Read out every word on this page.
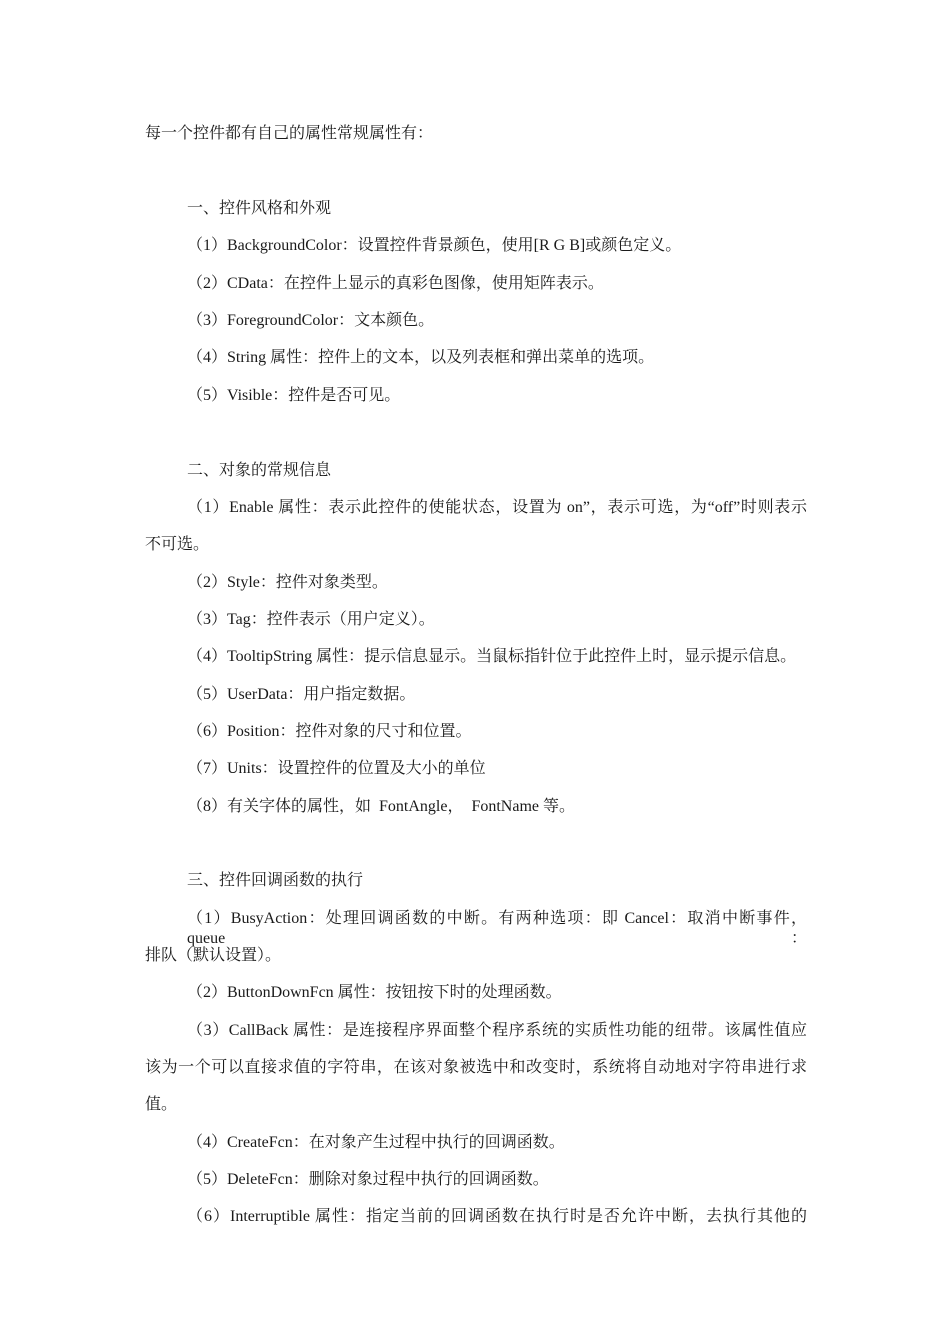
每一个控件都有自己的属性常规属性有：
一、控件风格和外观
（1）BackgroundColor：设置控件背景颜色，使用[R G B]或颜色定义。
（2）CData：在控件上显示的真彩色图像，使用矩阵表示。
（3）ForegroundColor：文本颜色。
（4）String 属性：控件上的文本，以及列表框和弹出菜单的选项。
（5）Visible：控件是否可见。
二、对象的常规信息
（1）Enable 属性：表示此控件的使能状态，设置为 on”，表示可选，为“off”时则表示
不可选。
（2）Style：控件对象类型。
（3）Tag：控件表示（用户定义）。
（4）TooltipString 属性：提示信息显示。当鼠标指针位于此控件上时，显示提示信息。
（5）UserData：用户指定数据。
（6）Position：控件对象的尺寸和位置。
（7）Units：设置控件的位置及大小的单位
（8）有关字体的属性，如  FontAngle，  FontName 等。
三、控件回调函数的执行
（1）BusyAction：处理回调函数的中断。有两种选项：即 Cancel：取消中断事件，queue：
排队（默认设置）。
（2）ButtonDownFcn 属性：按钮按下时的处理函数。
（3）CallBack 属性：是连接程序界面整个程序系统的实质性功能的纽带。该属性值应
该为一个可以直接求值的字符串，在该对象被选中和改变时，系统将自动地对字符串进行求
值。
（4）CreateFcn：在对象产生过程中执行的回调函数。
（5）DeleteFcn：删除对象过程中执行的回调函数。
（6）Interruptible 属性：指定当前的回调函数在执行时是否允许中断，去执行其他的
